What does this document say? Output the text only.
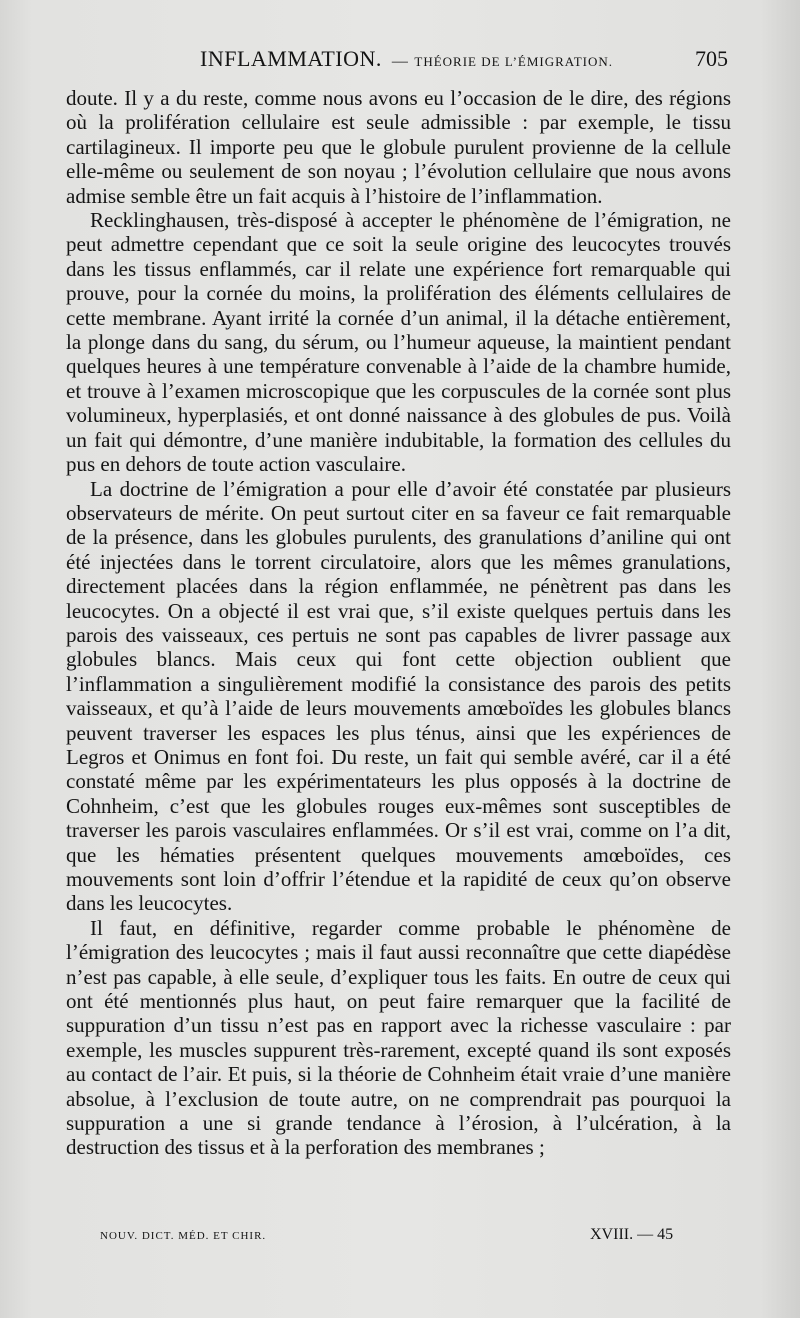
INFLAMMATION. — THÉORIE DE L’ÉMIGRATION.	705

doute. Il y a du reste, comme nous avons eu l’occasion de le dire, des régions où la prolifération cellulaire est seule admissible : par exemple, le tissu cartilagineux. Il importe peu que le globule purulent provienne de la cellule elle-même ou seulement de son noyau ; l’évolution cellulaire que nous avons admise semble être un fait acquis à l’histoire de l’inflammation.

Recklinghausen, très-disposé à accepter le phénomène de l’émigration, ne peut admettre cependant que ce soit la seule origine des leucocytes trouvés dans les tissus enflammés, car il relate une expérience fort remarquable qui prouve, pour la cornée du moins, la prolifération des éléments cellulaires de cette membrane. Ayant irrité la cornée d’un animal, il la détache entièrement, la plonge dans du sang, du sérum, ou l’humeur aqueuse, la maintient pendant quelques heures à une température convenable à l’aide de la chambre humide, et trouve à l’examen microscopique que les corpuscules de la cornée sont plus volumineux, hyperplasiés, et ont donné naissance à des globules de pus. Voilà un fait qui démontre, d’une manière indubitable, la formation des cellules du pus en dehors de toute action vasculaire.

La doctrine de l’émigration a pour elle d’avoir été constatée par plusieurs observateurs de mérite. On peut surtout citer en sa faveur ce fait remarquable de la présence, dans les globules purulents, des granulations d’aniline qui ont été injectées dans le torrent circulatoire, alors que les mêmes granulations, directement placées dans la région enflammée, ne pénètrent pas dans les leucocytes. On a objecté il est vrai que, s’il existe quelques pertuis dans les parois des vaisseaux, ces pertuis ne sont pas capables de livrer passage aux globules blancs. Mais ceux qui font cette objection oublient que l’inflammation a singulièrement modifié la consistance des parois des petits vaisseaux, et qu’à l’aide de leurs mouvements amœboïdes les globules blancs peuvent traverser les espaces les plus ténus, ainsi que les expériences de Legros et Onimus en font foi. Du reste, un fait qui semble avéré, car il a été constaté même par les expérimentateurs les plus opposés à la doctrine de Cohnheim, c’est que les globules rouges eux-mêmes sont susceptibles de traverser les parois vasculaires enflammées. Or s’il est vrai, comme on l’a dit, que les hématies présentent quelques mouvements amœboïdes, ces mouvements sont loin d’offrir l’étendue et la rapidité de ceux qu’on observe dans les leucocytes.

Il faut, en définitive, regarder comme probable le phénomène de l’émigration des leucocytes ; mais il faut aussi reconnaître que cette diapédèse n’est pas capable, à elle seule, d’expliquer tous les faits. En outre de ceux qui ont été mentionnés plus haut, on peut faire remarquer que la facilité de suppuration d’un tissu n’est pas en rapport avec la richesse vasculaire : par exemple, les muscles suppurent très-rarement, excepté quand ils sont exposés au contact de l’air. Et puis, si la théorie de Cohnheim était vraie d’une manière absolue, à l’exclusion de toute autre, on ne comprendrait pas pourquoi la suppuration a une si grande tendance à l’érosion, à l’ulcération, à la destruction des tissus et à la perforation des membranes ;

NOUV. DICT. MÉD. ET CHIR.	XVIII. — 45
